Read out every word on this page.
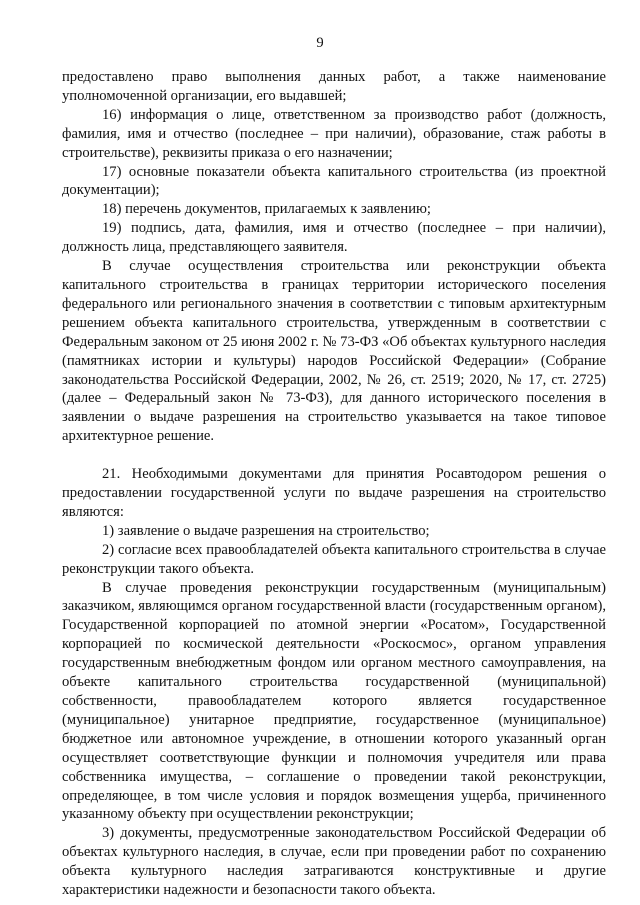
9

предоставлено право выполнения данных работ, а также наименование уполномоченной организации, его выдавшей;

16) информация о лице, ответственном за производство работ (должность, фамилия, имя и отчество (последнее – при наличии), образование, стаж работы в строительстве), реквизиты приказа о его назначении;

17) основные показатели объекта капитального строительства (из проектной документации);

18) перечень документов, прилагаемых к заявлению;

19) подпись, дата, фамилия, имя и отчество (последнее – при наличии), должность лица, представляющего заявителя.

В случае осуществления строительства или реконструкции объекта капитального строительства в границах территории исторического поселения федерального или регионального значения в соответствии с типовым архитектурным решением объекта капитального строительства, утвержденным в соответствии с Федеральным законом от 25 июня 2002 г. № 73-ФЗ «Об объектах культурного наследия (памятниках истории и культуры) народов Российской Федерации» (Собрание законодательства Российской Федерации, 2002, № 26, ст. 2519; 2020, № 17, ст. 2725) (далее – Федеральный закон № 73-ФЗ), для данного исторического поселения в заявлении о выдаче разрешения на строительство указывается на такое типовое архитектурное решение.

21. Необходимыми документами для принятия Росавтодором решения о предоставлении государственной услуги по выдаче разрешения на строительство являются:

1) заявление о выдаче разрешения на строительство;

2) согласие всех правообладателей объекта капитального строительства в случае реконструкции такого объекта.

В случае проведения реконструкции государственным (муниципальным) заказчиком, являющимся органом государственной власти (государственным органом), Государственной корпорацией по атомной энергии «Росатом», Государственной корпорацией по космической деятельности «Роскосмос», органом управления государственным внебюджетным фондом или органом местного самоуправления, на объекте капитального строительства государственной (муниципальной) собственности, правообладателем которого является государственное (муниципальное) унитарное предприятие, государственное (муниципальное) бюджетное или автономное учреждение, в отношении которого указанный орган осуществляет соответствующие функции и полномочия учредителя или права собственника имущества, – соглашение о проведении такой реконструкции, определяющее, в том числе условия и порядок возмещения ущерба, причиненного указанному объекту при осуществлении реконструкции;

3) документы, предусмотренные законодательством Российской Федерации об объектах культурного наследия, в случае, если при проведении работ по сохранению объекта культурного наследия затрагиваются конструктивные и другие характеристики надежности и безопасности такого объекта.
